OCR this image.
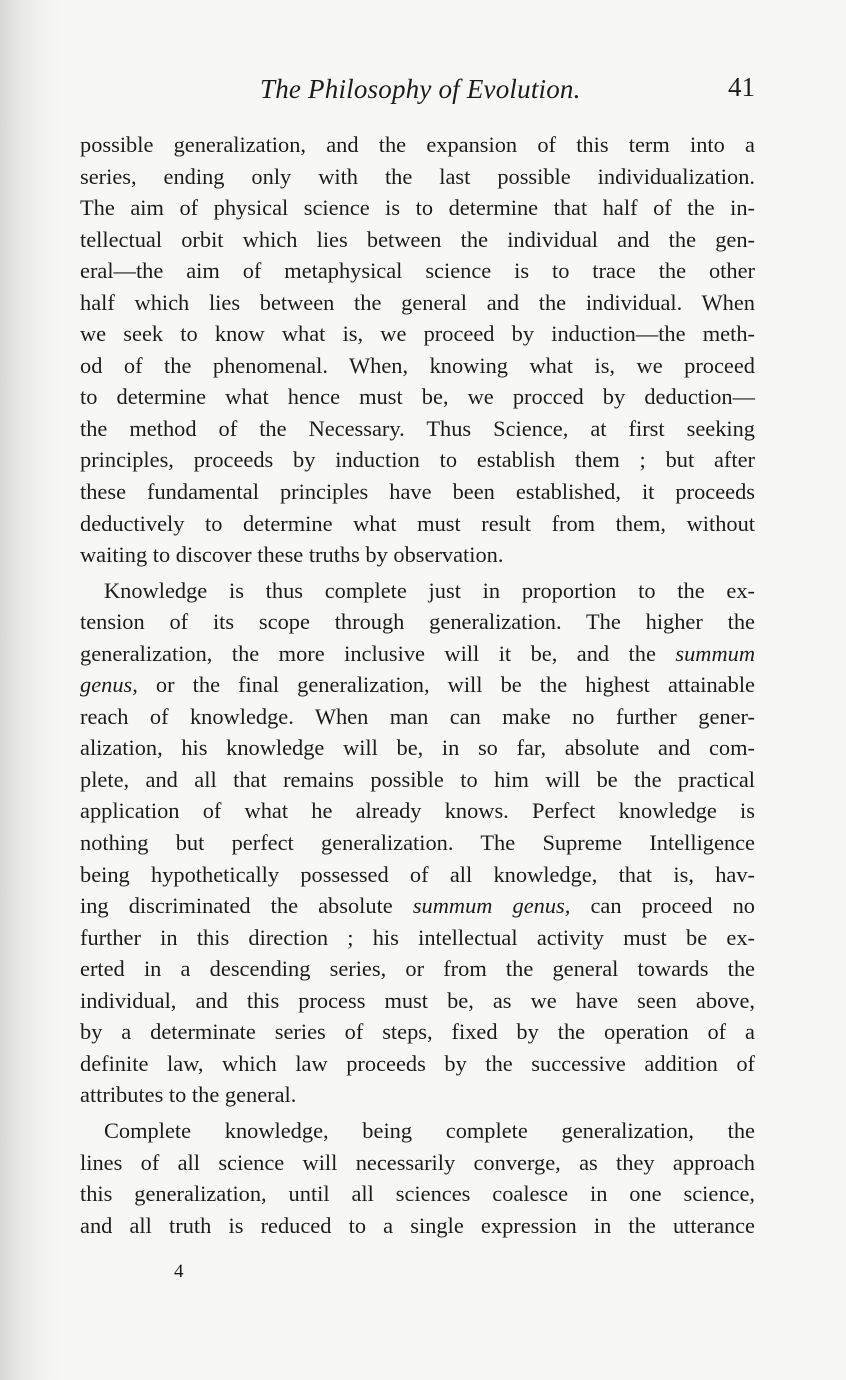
The Philosophy of Evolution.	41
possible generalization, and the expansion of this term into a
series, ending only with the last possible individualization.
The aim of physical science is to determine that half of the in-
tellectual orbit which lies between the individual and the gen-
eral—the aim of metaphysical science is to trace the other
half which lies between the general and the individual. When
we seek to know what is, we proceed by induction—the meth-
od of the phenomenal. When, knowing what is, we proceed
to determine what hence must be, we procced by deduction—
the method of the Necessary. Thus Science, at first seeking
principles, proceeds by induction to establish them ; but after
these fundamental principles have been established, it proceeds
deductively to determine what must result from them, without
waiting to discover these truths by observation.
Knowledge is thus complete just in proportion to the ex-
tension of its scope through generalization. The higher the
generalization, the more inclusive will it be, and the summum
genus, or the final generalization, will be the highest attainable
reach of knowledge. When man can make no further gener-
alization, his knowledge will be, in so far, absolute and com-
plete, and all that remains possible to him will be the practical
application of what he already knows. Perfect knowledge is
nothing but perfect generalization. The Supreme Intelligence
being hypothetically possessed of all knowledge, that is, hav-
ing discriminated the absolute summum genus, can proceed no
further in this direction ; his intellectual activity must be ex-
erted in a descending series, or from the general towards the
individual, and this process must be, as we have seen above,
by a determinate series of steps, fixed by the operation of a
definite law, which law proceeds by the successive addition of
attributes to the general.
Complete knowledge, being complete generalization, the
lines of all science will necessarily converge, as they approach
this generalization, until all sciences coalesce in one science,
and all truth is reduced to a single expression in the utterance
4
